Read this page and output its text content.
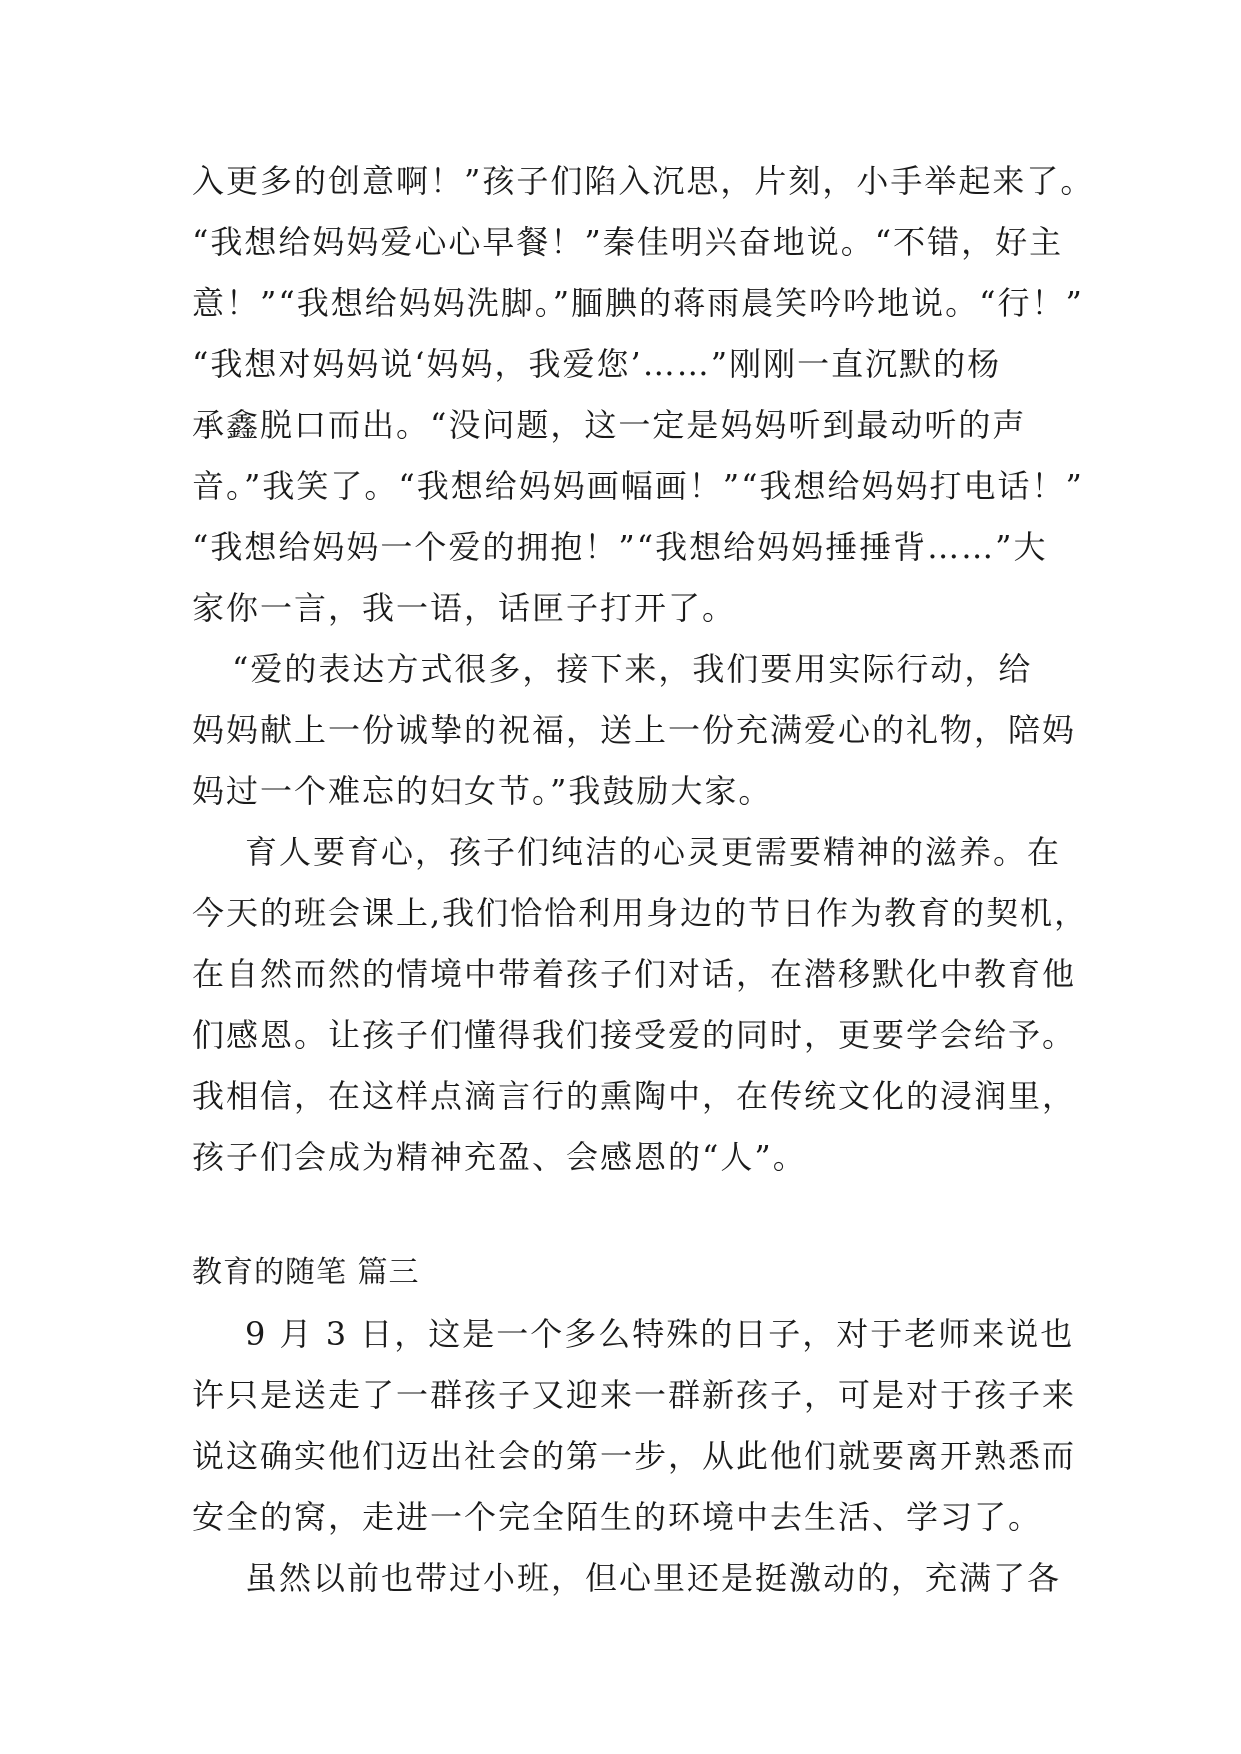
入更多的创意啊！”孩子们陷入沉思，片刻，小手举起来了。
“我想给妈妈爱心心早餐！”秦佳明兴奋地说。“不错，好主
意！”“我想给妈妈洗脚。”腼腆的蒋雨晨笑吟吟地说。“行！”
“我想对妈妈说‘妈妈，我爱您’……”刚刚一直沉默的杨
承鑫脱口而出。“没问题，这一定是妈妈听到最动听的声
音。”我笑了。“我想给妈妈画幅画！”“我想给妈妈打电话！”
“我想给妈妈一个爱的拥抱！”“我想给妈妈捶捶背……”大
家你一言，我一语，话匣子打开了。
“爱的表达方式很多，接下来，我们要用实际行动，给
妈妈献上一份诚挚的祝福，送上一份充满爱心的礼物，陪妈
妈过一个难忘的妇女节。”我鼓励大家。
育人要育心，孩子们纯洁的心灵更需要精神的滋养。在
今天的班会课上,我们恰恰利用身边的节日作为教育的契机，
在自然而然的情境中带着孩子们对话，在潜移默化中教育他
们感恩。让孩子们懂得我们接受爱的同时，更要学会给予。
我相信，在这样点滴言行的熏陶中，在传统文化的浸润里，
孩子们会成为精神充盈、会感恩的“人”。
教育的随笔 篇三
9 月 3 日，这是一个多么特殊的日子，对于老师来说也
许只是送走了一群孩子又迎来一群新孩子，可是对于孩子来
说这确实他们迈出社会的第一步，从此他们就要离开熟悉而
安全的窝，走进一个完全陌生的环境中去生活、学习了。
虽然以前也带过小班，但心里还是挺激动的，充满了各
